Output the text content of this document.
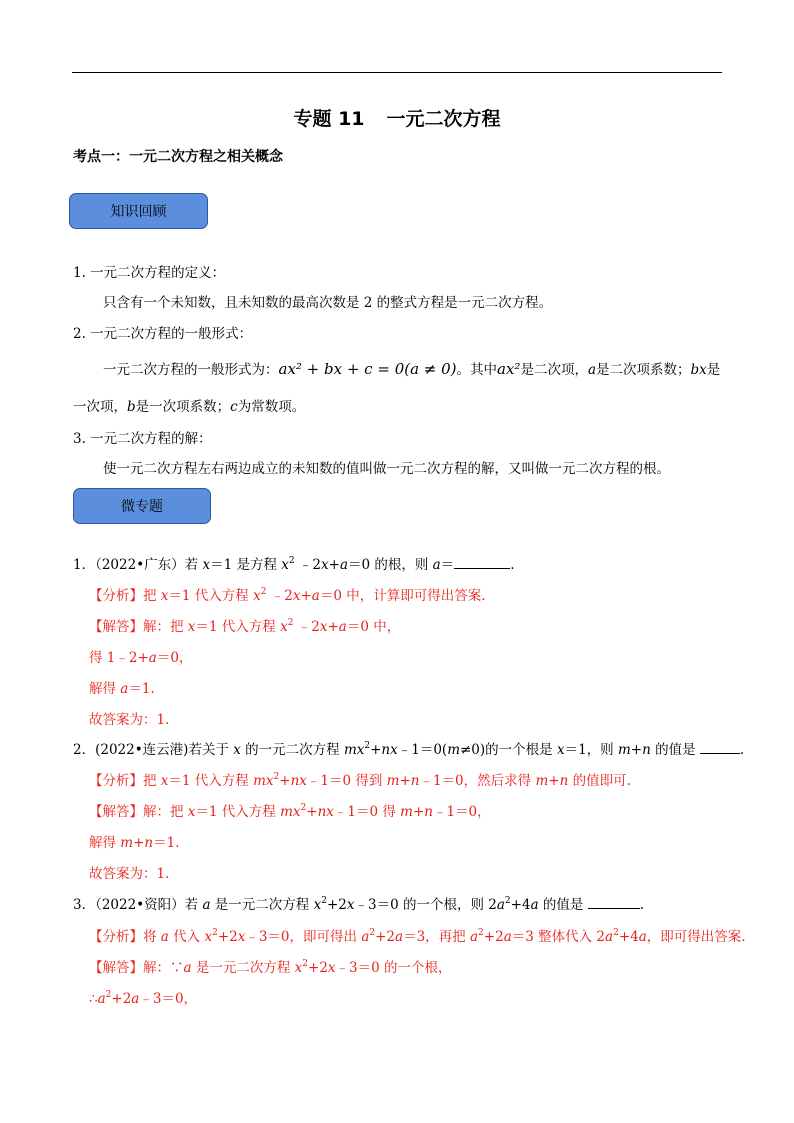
专题 11 一元二次方程
考点一：一元二次方程之相关概念
知识回顾
1. 一元二次方程的定义：
只含有一个未知数，且未知数的最高次数是 2 的整式方程是一元二次方程。
2. 一元二次方程的一般形式：
一元二次方程的一般形式为：ax² + bx + c = 0(a ≠ 0)。其中ax²是二次项，a是二次项系数；bx是
一次项，b是一次项系数；c为常数项。
3. 一元二次方程的解：
使一元二次方程左右两边成立的未知数的值叫做一元二次方程的解，又叫做一元二次方程的根。
微专题
1．（2022•广东）若 x＝1 是方程 $x^2$ ﹣2x+a＝0 的根，则 a＝	.
【分析】把 x＝1 代入方程 $x^2$ ﹣2x+a＝0 中，计算即可得出答案.
【解答】解：把 x＝1 代入方程 $x^2$ ﹣2x+a＝0 中，
得 1﹣2+a＝0，
解得 a＝1.
故答案为：1.
2．(2022•连云港)若关于 x 的一元二次方程 $mx^2+nx﹣1=0(m\ne 0)$的一个根是 x＝1，则 m+n 的值是	.
【分析】把 x＝1 代入方程 $mx^2+nx﹣1=0$ 得到 m+n﹣1＝0，然后求得 m+n 的值即可.
【解答】解：把 x＝1 代入方程 $mx^2+nx﹣1=0$ 得 m+n﹣1＝0，
解得 m+n＝1.
故答案为：1.
3．（2022•资阳）若 a 是一元二次方程 $x^2+2x﹣3=0$ 的一个根，则 $2a^2+4a$ 的值是	.
【分析】将 a 代入 $x^2+2x﹣3=0$，即可得出 $a^2+2a=3$，再把 $a^2+2a=3$ 整体代入 $2a^2+4a$，即可得出答案.
【解答】解：∵a 是一元二次方程 $x^2+2x﹣3=0$ 的一个根，
$\therefore a^2+2a﹣3=0$，
